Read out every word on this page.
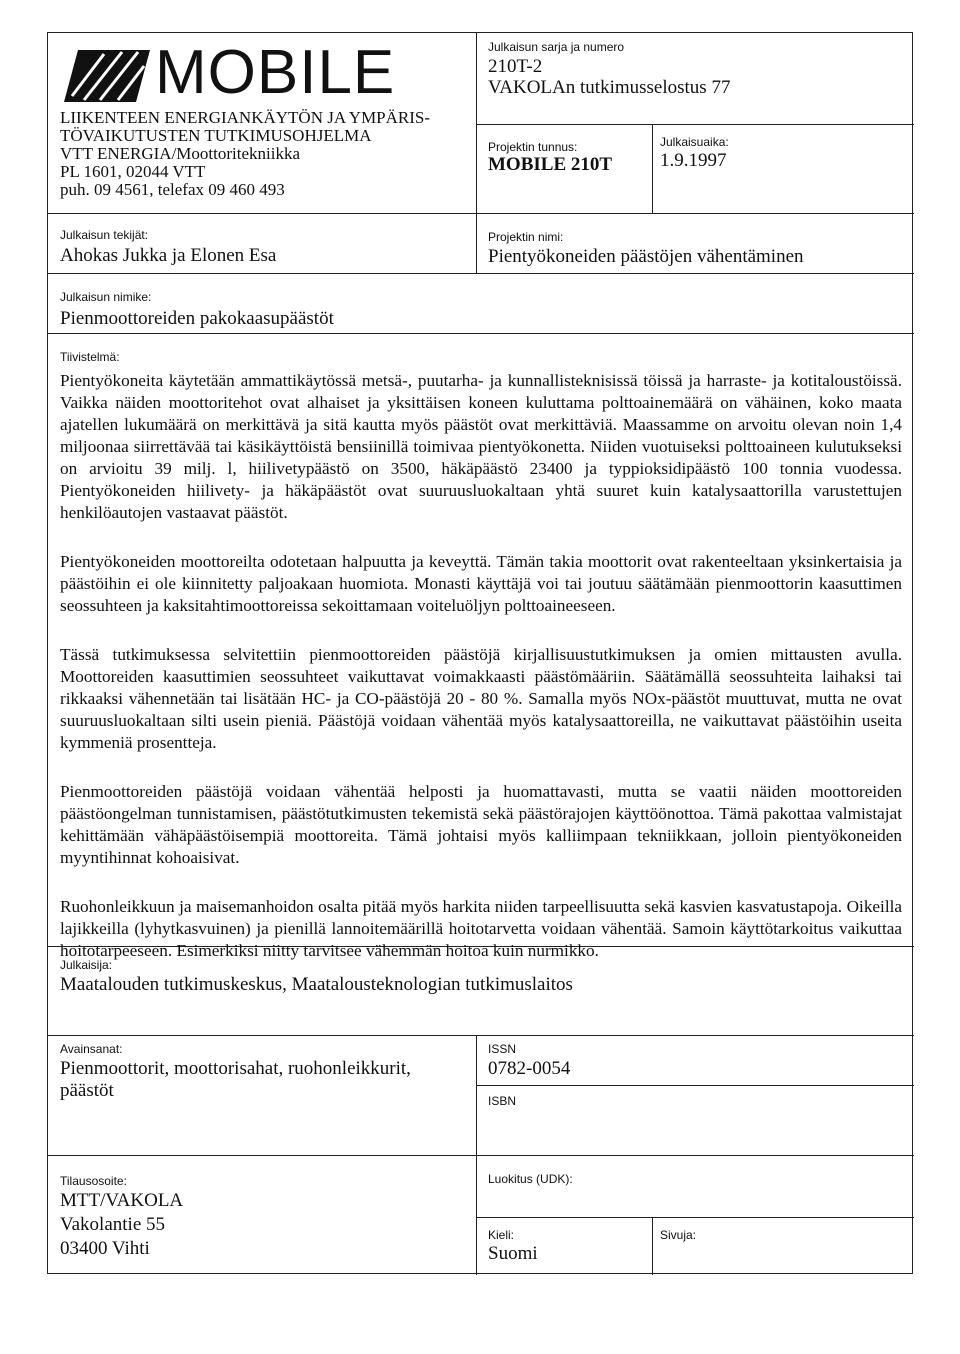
MOBILE
LIIKENTEEN ENERGIANKÄYTÖN JA YMPÄRIS-
TÖVAIKUTUSTEN TUTKIMUSOHJELMA
VTT ENERGIA/Moottoritekniikka
PL 1601, 02044 VTT
puh. 09 4561, telefax 09 460 493
Julkaisun sarja ja numero
210T-2
VAKOLAn tutkimusselostus 77
Projektin tunnus:
MOBILE 210T
Julkaisuaika:
1.9.1997
Julkaisun tekijät:
Ahokas Jukka ja Elonen Esa
Projektin nimi:
Pientyökoneiden päästöjen vähentäminen
Julkaisun nimike:
Pienmoottoreiden pakokaasupäästöt
Tiivistelmä:

Pientyökoneita käytetään ammattikäytössä metsä-, puutarha- ja kunnallisteknisissä töissä ja harraste- ja kotitaloustöissä. Vaikka näiden moottoritehot ovat alhaiset ja yksittäisen koneen kuluttama polttoainemäärä on vähäinen, koko maata ajatellen lukumäärä on merkittävä ja sitä kautta myös päästöt ovat merkittäviä. Maassamme on arvoitu olevan noin 1,4 miljoonaa siirrettävää tai käsikäyttöistä bensiinillä toimivaa pientyökonetta. Niiden vuotuiseksi polttoaineen kulutukseksi on arvioitu 39 milj. l, hiilivetypäästö on 3500, häkäpäästö 23400 ja typpioksidipäästö 100 tonnia vuodessa. Pientyökoneiden hiilivety- ja häkäpäästöt ovat suuruusluokaltaan yhtä suuret kuin katalysaattorilla varustettujen henkilöautojen vastaavat päästöt.

Pientyökoneiden moottoreilta odotetaan halpuutta ja keveyttä. Tämän takia moottorit ovat rakenteeltaan yksinkertaisia ja päästöihin ei ole kiinnitetty paljoakaan huomiota. Monasti käyttäjä voi tai joutuu säätämään pienmoottorin kaasuttimen seossuhteen ja kaksitahtimoottoreissa sekoittamaan voiteluöljyn polttoaineeseen.

Tässä tutkimuksessa selvitettiin pienmoottoreiden päästöjä kirjallisuustutkimuksen ja omien mittausten avulla. Moottoreiden kaasuttimien seossuhteet vaikuttavat voimakkaasti päästömääriin. Säätämällä seossuhteita laihaksi tai rikkaaksi vähennetään tai lisätään HC- ja CO-päästöjä 20 - 80 %. Samalla myös NOx-päästöt muuttuvat, mutta ne ovat suuruusluokaltaan silti usein pieniä. Päästöjä voidaan vähentää myös katalysaattoreilla, ne vaikuttavat päästöihin useita kymmeniä prosentteja.

Pienmoottoreiden päästöjä voidaan vähentää helposti ja huomattavasti, mutta se vaatii näiden moottoreiden päästöongelman tunnistamisen, päästötutkimusten tekemistä sekä päästörajojen käyttöönottoa. Tämä pakottaa valmistajat kehittämään vähäpäästöisempiä moottoreita. Tämä johtaisi myös kalliimpaan tekniikkaan, jolloin pientyökoneiden myyntihinnat kohoaisivat.

Ruohonleikkuun ja maisemanhoidon osalta pitää myös harkita niiden tarpeellisuutta sekä kasvien kasvatustapoja. Oikeilla lajikkeilla (lyhytkasvuinen) ja pienillä lannoitemäärillä hoitotarvetta voidaan vähentää. Samoin käyttötarkoitus vaikuttaa hoitotarpeeseen. Esimerkiksi niitty tarvitsee vähemmän hoitoa kuin nurmikko.

Julkaisija:
Maatalouden tutkimuskeskus, Maatalousteknologian tutkimuslaitos
Avainsanat:
Pienmoottorit, moottorisahat, ruohonleikkurit,
päästöt
ISSN
0782-0054
ISBN
Tilausosoite:
MTT/VAKOLA
Vakolantie 55
03400 Vihti
Luokitus (UDK):
Kieli:
Suomi
Sivuja:
